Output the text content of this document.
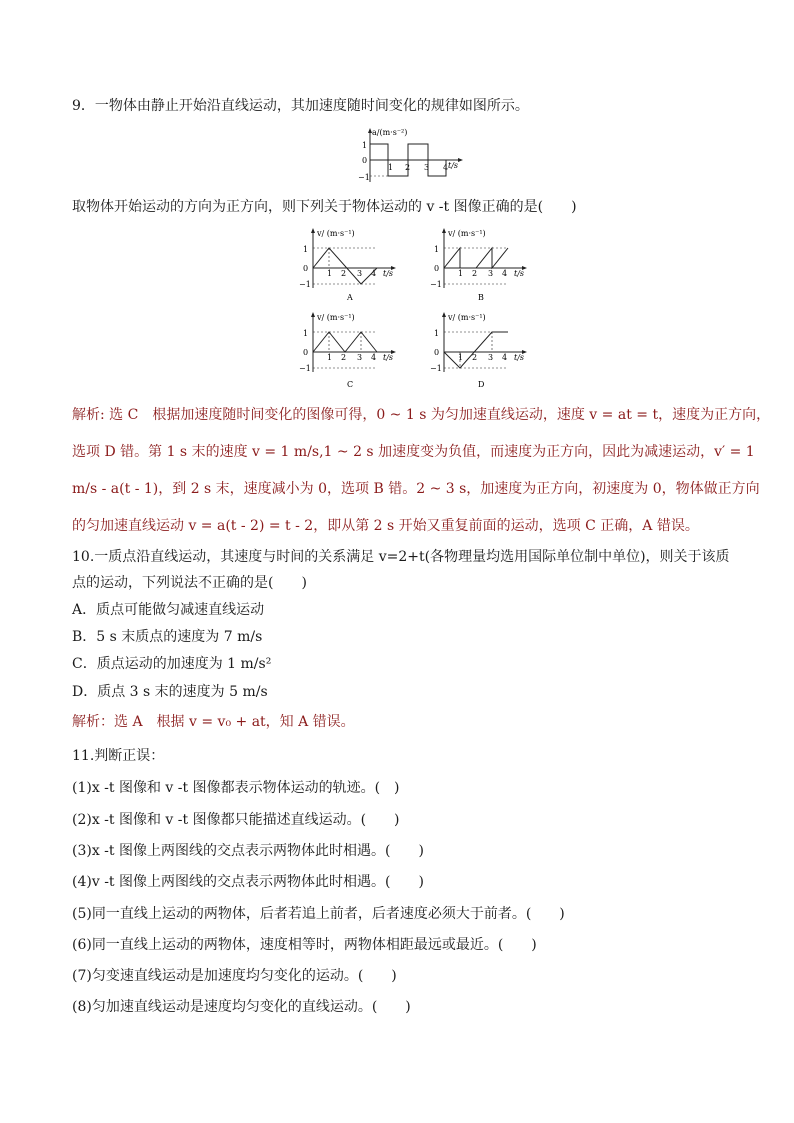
9．一物体由静止开始沿直线运动，其加速度随时间变化的规律如图所示。
a/(m·s⁻²)
t/s
1
0
−1
1 2 3 4
取物体开始运动的方向为正方向，则下列关于物体运动的 v -t 图像正确的是(　　)
v/ (m·s⁻¹)
t/s
1
0
−1
1 2 3 4
A
v/ (m·s⁻¹)
t/s
1
0
−1
1 2 3 4
B
v/ (m·s⁻¹)
t/s
1
0
−1
1 2 3 4
C
v/ (m·s⁻¹)
t/s
1
0
−1
1 2 3 4
D
解析: 选 C　根据加速度随时间变化的图像可得，0 ~ 1 s 为匀加速直线运动，速度 v = at = t，速度为正方向，
选项 D 错。第 1 s 末的速度 v = 1 m/s,1 ~ 2 s 加速度变为负值，而速度为正方向，因此为减速运动，v′ = 1
m/s - a(t - 1)，到 2 s 末，速度减小为 0，选项 B 错。2 ~ 3 s，加速度为正方向，初速度为 0，物体做正方向
的匀加速直线运动 v = a(t - 2) = t - 2，即从第 2 s 开始又重复前面的运动，选项 C 正确，A 错误。
10.一质点沿直线运动，其速度与时间的关系满足 v=2+t(各物理量均选用国际单位制中单位)，则关于该质
点的运动，下列说法不正确的是(　　)
A．质点可能做匀减速直线运动
B．5 s 末质点的速度为 7 m/s
C．质点运动的加速度为 1 m/s²
D．质点 3 s 末的速度为 5 m/s
解析：选 A　根据 v = v₀ + at，知 A 错误。
11.判断正误：
(1)x -t 图像和 v -t 图像都表示物体运动的轨迹。(　)
(2)x -t 图像和 v -t 图像都只能描述直线运动。(　　)
(3)x -t 图像上两图线的交点表示两物体此时相遇。(　　)
(4)v -t 图像上两图线的交点表示两物体此时相遇。(　　)
(5)同一直线上运动的两物体，后者若追上前者，后者速度必须大于前者。(　　)
(6)同一直线上运动的两物体，速度相等时，两物体相距最远或最近。(　　)
(7)匀变速直线运动是加速度均匀变化的运动。(　　)
(8)匀加速直线运动是速度均匀变化的直线运动。(　　)
